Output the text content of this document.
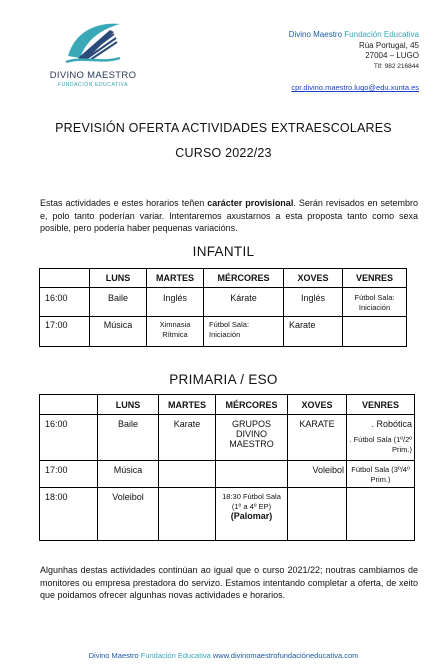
DIVINO MAESTRO
FUNDACIÓN EDUCATIVA
Divino Maestro Fundación Educativa
Rúa Portugal, 45
27004 – LUGO
Tlf: 982 216844
cpr.divino.maestro.lugo@edu.xunta.es
PREVISIÓN OFERTA ACTIVIDADES EXTRAESCOLARES
CURSO 2022/23

Estas actividades e estes horarios teñen carácter provisional. Serán revisados en setembro e, polo tanto poderían variar. Intentaremos axustarnos a esta proposta tanto como sexa posible, pero podería haber pequenas variacións.

INFANTIL
	LUNS	MARTES	MÉRCORES	XOVES	VENRES
16:00	Baile	Inglés	Kárate	Inglés	Fútbol Sala: Iniciación
17:00	Música	Ximnasia Rítmica	Fútbol Sala: Iniciación	Karate	
PRIMARIA / ESO
	LUNS	MARTES	MÉRCORES	XOVES	VENRES
16:00	Baile	Karate	GRUPOS DIVINO MAESTRO	KARATE	. Robótica
. Fútbol Sala (1º/2º Prim.)

17:00	Música			Voleibol	Fútbol Sala (3º/4º Prim.)
18:00	Voleibol		18:30 Fútbol Sala (1º a 4º EP)
(Palomar)		

Algunhas destas actividades continúan ao igual que o curso 2021/22; noutras cambiamos de monitores ou empresa prestadora do servizo. Estamos intentando completar a oferta, de xeito que poidamos ofrecer algunhas novas actividades e horarios.

Divino Maestro Fundación Educativa www.divinomaestrofundacióneducativa.com
